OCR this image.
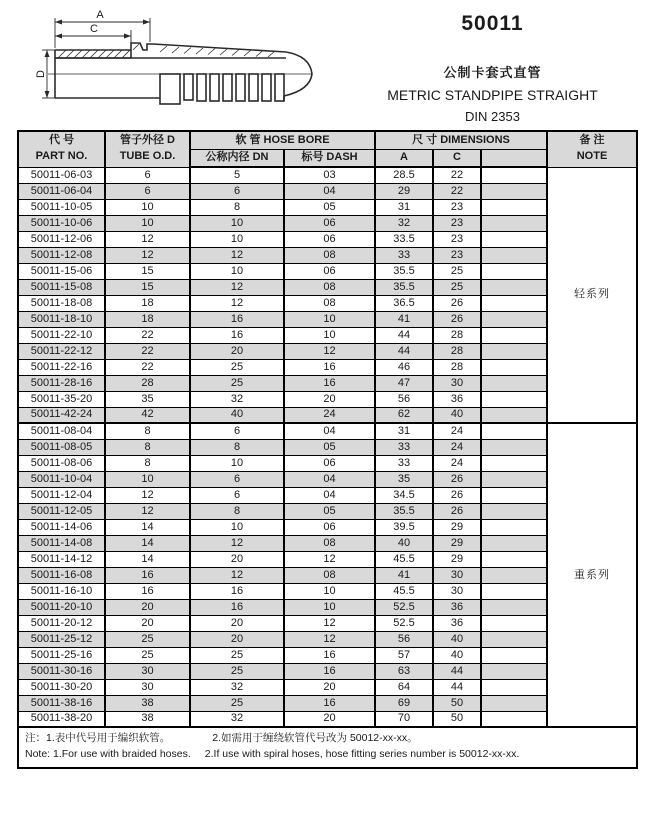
A
C
D
50011
公制卡套式直管
METRIC STANDPIPE STRAIGHT
DIN 2353
代 号
PART NO.

管子外径 D
TUBE O.D.
	软 管 HOSE BORE	尺 寸 DIMENSIONS	备 注
NOTE

		公称内径 DN	标号 DASH	A	C		
50011-06-03	6	5	03	28.5	22		轻系列
50011-06-04	6	6	04	29	22		
50011-10-05	10	8	05	31	23		
50011-10-06	10	10	06	32	23		
50011-12-06	12	10	06	33.5	23		
50011-12-08	12	12	08	33	23		
50011-15-06	15	10	06	35.5	25		
50011-15-08	15	12	08	35.5	25		
50011-18-08	18	12	08	36.5	26		
50011-18-10	18	16	10	41	26		
50011-22-10	22	16	10	44	28		
50011-22-12	22	20	12	44	28		
50011-22-16	22	25	16	46	28		
50011-28-16	28	25	16	47	30		
50011-35-20	35	32	20	56	36		
50011-42-24	42	40	24	62	40		
50011-08-04	8	6	04	31	24		重系列
50011-08-05	8	8	05	33	24		
50011-08-06	8	10	06	33	24		
50011-10-04	10	6	04	35	26		
50011-12-04	12	6	04	34.5	26		
50011-12-05	12	8	05	35.5	26		
50011-14-06	14	10	06	39.5	29		
50011-14-08	14	12	08	40	29		
50011-14-12	14	20	12	45.5	29		
50011-16-08	16	12	08	41	30		
50011-16-10	16	16	10	45.5	30		
50011-20-10	20	16	10	52.5	36		
50011-20-12	20	20	12	52.5	36		
50011-25-12	25	20	12	56	40		
50011-25-16	25	25	16	57	40		
50011-30-16	30	25	16	63	44		
50011-30-20	30	32	20	64	44		
50011-38-16	38	25	16	69	50		
50011-38-20	38	32	20	70	50		

注：1.表中代号用于编织软管。 2.如需用于缠绕软管代号改为 50012-xx-xx。
Note: 1.For use with braided hoses. 2.If use with spiral hoses, hose fitting series number is 50012-xx-xx.							
